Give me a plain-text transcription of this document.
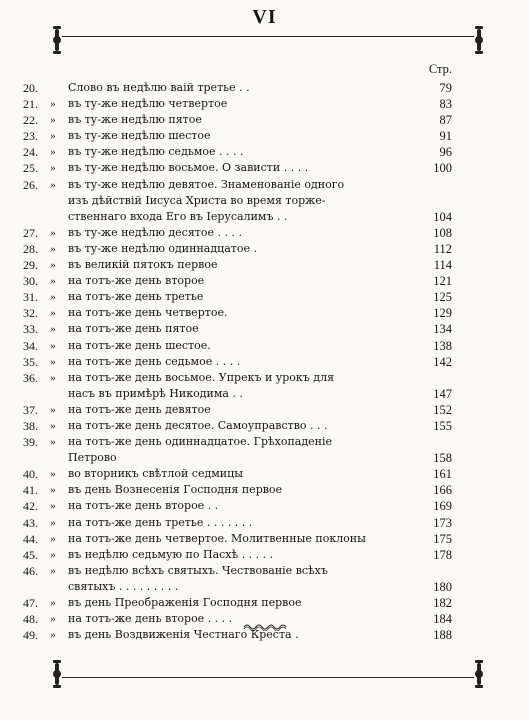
VI
Стр.
20.	Слово въ недѣлю ваій третье . .	79
21.	»	въ ту-же недѣлю четвертое	83
22.	»	въ ту-же недѣлю пятое	87
23.	»	въ ту-же недѣлю шестое	91
24.	»	въ ту-же недѣлю седьмое . . . .	96
25.	»	въ ту-же недѣлю восьмое. О зависти . . . .	100
26.	»	въ ту-же недѣлю девятое. Знаменованіе одного
изъ дѣйствій Іисуса Христа во время торже-
ственнаго входа Его въ Іерусалимъ . .	104
27.	»	въ ту-же недѣлю десятое . . . .	108
28.	»	въ ту-же недѣлю одиннадцатое .	112
29.	»	въ великій пятокъ первое	114
30.	»	на тотъ-же день второе	121
31.	»	на тотъ-же день третье	125
32.	»	на тотъ-же день четвертое.	129
33.	»	на тотъ-же день пятое	134
34.	»	на тотъ-же день шестое.	138
35.	»	на тотъ-же день седьмое . . . .	142
36.	»	на тотъ-же день восьмое. Упрекъ и урокъ для
насъ въ примѣрѣ Никодима . .	147
37.	»	на тотъ-же день девятое	152
38.	»	на тотъ-же день десятое. Самоуправство . . .	155
39.	»	на тотъ-же день одиннадцатое. Грѣхопаденіе
Петрово	158
40.	»	во вторникъ свѣтлой седмицы	161
41.	»	въ день Вознесенія Господня первое	166
42.	»	на тотъ-же день второе . .	169
43.	»	на тотъ-же день третье . . . . . . .	173
44.	»	на тотъ-же день четвертое. Молитвенные поклоны	175
45.	»	въ недѣлю седьмую по Пасхѣ . . . . .	178
46.	»	въ недѣлю всѣхъ святыхъ. Чествованіе всѣхъ
святыхъ . . . . . . . . .	180
47.	»	въ день Преображенія Господня первое	182
48.	»	на тотъ-же день второе . . . .	184
49.	»	въ день Воздвиженія Честнаго Креста .	188
